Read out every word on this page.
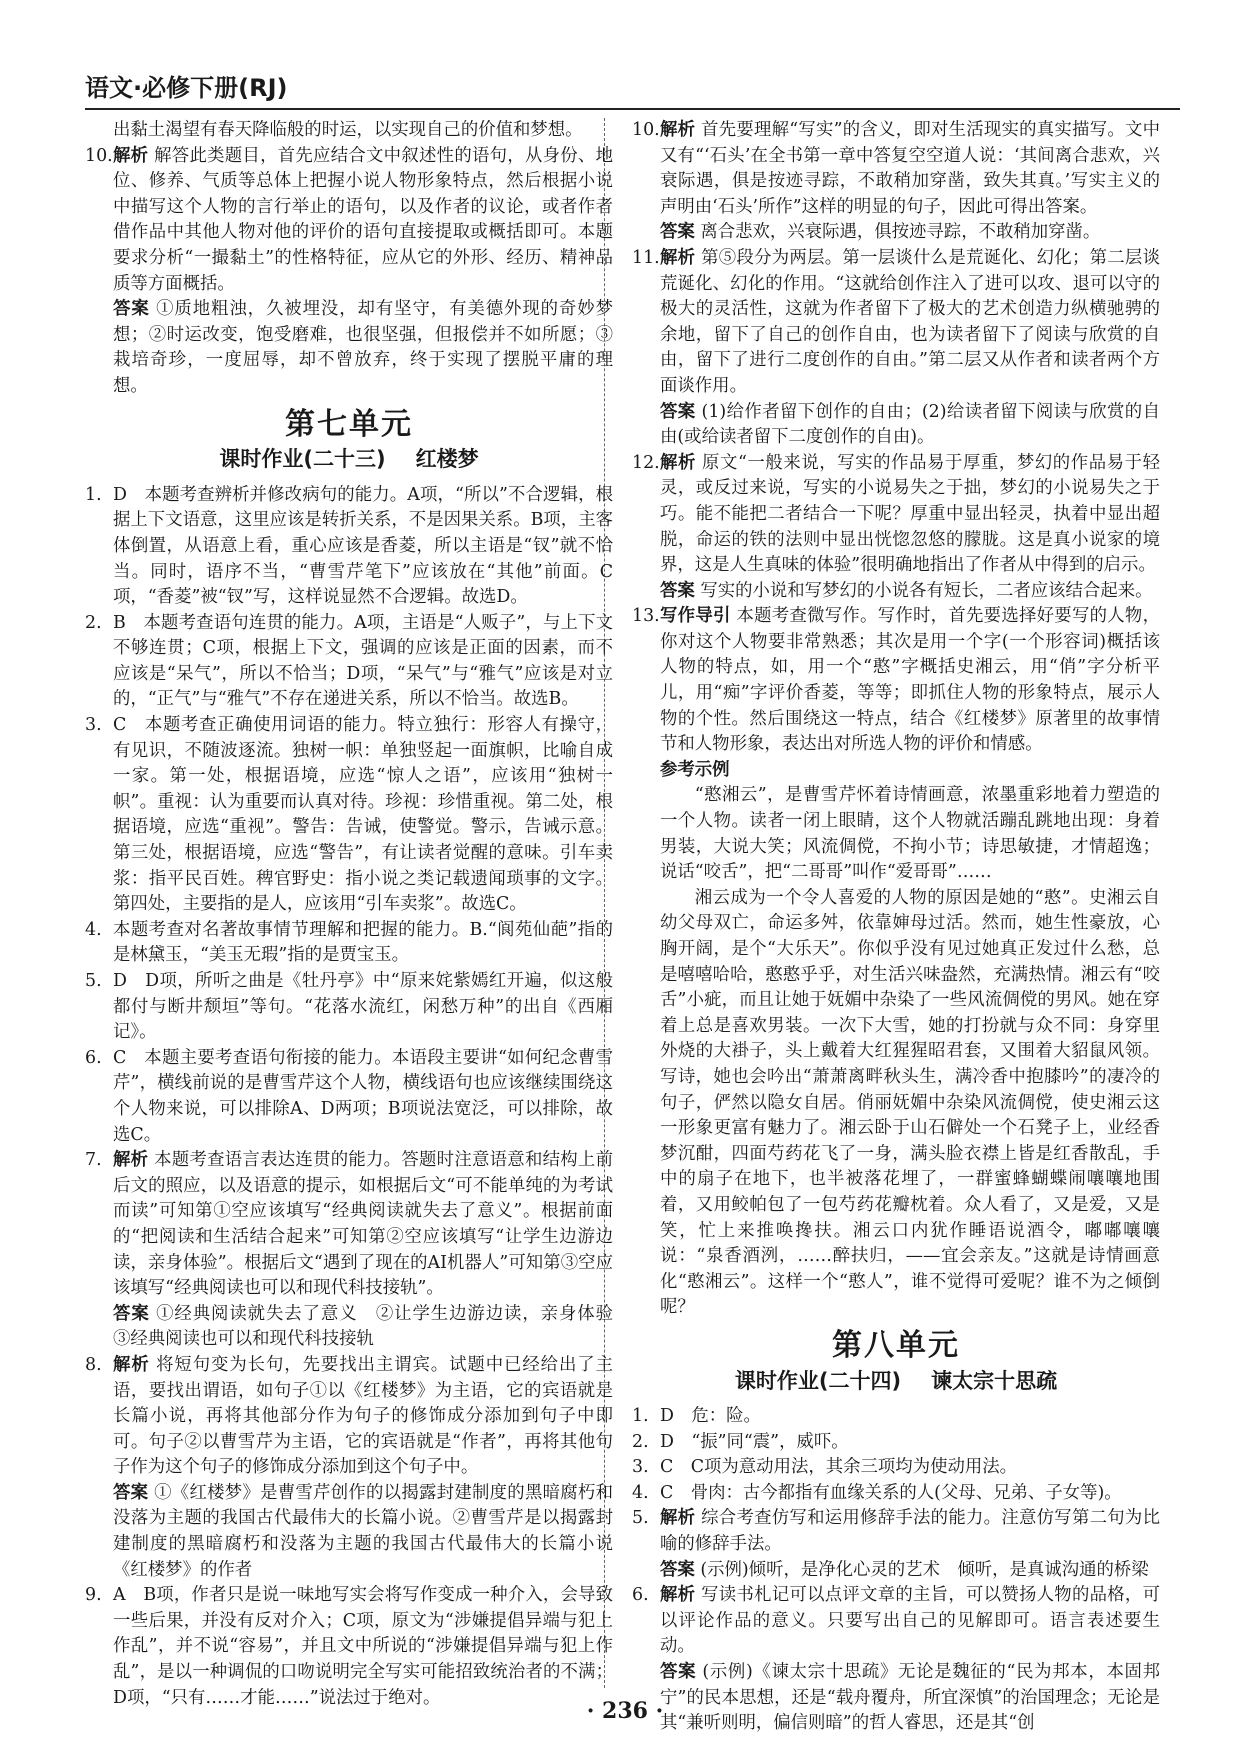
语文·必修下册(RJ)

出黏土渴望有春天降临般的时运，以实现自己的价值和梦想。

10. 解析 解答此类题目，首先应结合文中叙述性的语句，从身份、地位、修养、气质等总体上把握小说人物形象特点，然后根据小说中描写这个人物的言行举止的语句，以及作者的议论，或者作者借作品中其他人物对他的评价的语句直接提取或概括即可。本题要求分析“一撮黏土”的性格特征，应从它的外形、经历、精神品质等方面概括。

答案 ①质地粗浊，久被埋没，却有坚守，有美德外现的奇妙梦想；②时运改变，饱受磨难，也很坚强，但报偿并不如所愿；③栽培奇珍，一度屈辱，却不曾放弃，终于实现了摆脱平庸的理想。

第七单元
课时作业(二十三) 红楼梦

1. D　本题考查辨析并修改病句的能力。A项，“所以”不合逻辑，根据上下文语意，这里应该是转折关系，不是因果关系。B项，主客体倒置，从语意上看，重心应该是香菱，所以主语是“钗”就不恰当。同时，语序不当，“曹雪芹笔下”应该放在“其他”前面。C项，“香菱”被“钗”写，这样说显然不合逻辑。故选D。

2. B　本题考查语句连贯的能力。A项，主语是“人贩子”，与上下文不够连贯；C项，根据上下文，强调的应该是正面的因素，而不应该是“呆气”，所以不恰当；D项，“呆气”与“雅气”应该是对立的，“正气”与“雅气”不存在递进关系，所以不恰当。故选B。

3. C　本题考查正确使用词语的能力。特立独行：形容人有操守，有见识，不随波逐流。独树一帜：单独竖起一面旗帜，比喻自成一家。第一处，根据语境，应选“惊人之语”，应该用“独树一帜”。重视：认为重要而认真对待。珍视：珍惜重视。第二处，根据语境，应选“重视”。警告：告诫，使警觉。警示，告诫示意。第三处，根据语境，应选“警告”，有让读者觉醒的意味。引车卖浆：指平民百姓。稗官野史：指小说之类记载遗闻琐事的文字。第四处，主要指的是人，应该用“引车卖浆”。故选C。

4. 本题考查对名著故事情节理解和把握的能力。B.“阆苑仙葩”指的是林黛玉，“美玉无瑕”指的是贾宝玉。

5. D　D项，所听之曲是《牡丹亭》中“原来姹紫嫣红开遍，似这般都付与断井颓垣”等句。“花落水流红，闲愁万种”的出自《西厢记》。

6. C　本题主要考查语句衔接的能力。本语段主要讲“如何纪念曹雪芹”，横线前说的是曹雪芹这个人物，横线语句也应该继续围绕这个人物来说，可以排除A、D两项；B项说法宽泛，可以排除，故选C。

7. 解析 本题考查语言表达连贯的能力。答题时注意语意和结构上前后文的照应，以及语意的提示，如根据后文“可不能单纯的为考试而读”可知第①空应该填写“经典阅读就失去了意义”。根据前面的“把阅读和生活结合起来”可知第②空应该填写“让学生边游边读，亲身体验”。根据后文“遇到了现在的AI机器人”可知第③空应该填写“经典阅读也可以和现代科技接轨”。

答案 ①经典阅读就失去了意义　②让学生边游边读，亲身体验　③经典阅读也可以和现代科技接轨

8. 解析 将短句变为长句，先要找出主谓宾。试题中已经给出了主语，要找出谓语，如句子①以《红楼梦》为主语，它的宾语就是长篇小说，再将其他部分作为句子的修饰成分添加到句子中即可。句子②以曹雪芹为主语，它的宾语就是“作者”，再将其他句子作为这个句子的修饰成分添加到这个句子中。

答案 ①《红楼梦》是曹雪芹创作的以揭露封建制度的黑暗腐朽和没落为主题的我国古代最伟大的长篇小说。②曹雪芹是以揭露封建制度的黑暗腐朽和没落为主题的我国古代最伟大的长篇小说《红楼梦》的作者

9. A　B项，作者只是说一味地写实会将写作变成一种介入，会导致一些后果，并没有反对介入；C项，原文为“涉嫌提倡异端与犯上作乱”，并不说“容易”，并且文中所说的“涉嫌提倡异端与犯上作乱”，是以一种调侃的口吻说明完全写实可能招致统治者的不满；D项，“只有……才能……”说法过于绝对。

10. 解析 首先要理解“写实”的含义，即对生活现实的真实描写。文中又有“‘石头’在全书第一章中答复空空道人说：‘其间离合悲欢，兴衰际遇，俱是按迹寻踪，不敢稍加穿凿，致失其真。’写实主义的声明由‘石头’所作”这样的明显的句子，因此可得出答案。

答案 离合悲欢，兴衰际遇，俱按迹寻踪，不敢稍加穿凿。

11. 解析 第⑤段分为两层。第一层谈什么是荒诞化、幻化；第二层谈荒诞化、幻化的作用。“这就给创作注入了进可以攻、退可以守的极大的灵活性，这就为作者留下了极大的艺术创造力纵横驰骋的余地，留下了自己的创作自由，也为读者留下了阅读与欣赏的自由，留下了进行二度创作的自由。”第二层又从作者和读者两个方面谈作用。

答案 (1)给作者留下创作的自由；(2)给读者留下阅读与欣赏的自由(或给读者留下二度创作的自由)。

12. 解析 原文“一般来说，写实的作品易于厚重，梦幻的作品易于轻灵，或反过来说，写实的小说易失之于拙，梦幻的小说易失之于巧。能不能把二者结合一下呢？厚重中显出轻灵，执着中显出超脱，命运的铁的法则中显出恍惚忽悠的朦胧。这是真小说家的境界，这是人生真味的体验”很明确地指出了作者从中得到的启示。

答案 写实的小说和写梦幻的小说各有短长，二者应该结合起来。

13. 写作导引 本题考查微写作。写作时，首先要选择好要写的人物，你对这个人物要非常熟悉；其次是用一个字(一个形容词)概括该人物的特点，如，用一个“憨”字概括史湘云，用“俏”字分析平儿，用“痴”字评价香菱，等等；即抓住人物的形象特点，展示人物的个性。然后围绕这一特点，结合《红楼梦》原著里的故事情节和人物形象，表达出对所选人物的评价和情感。

参考示例

“憨湘云”，是曹雪芹怀着诗情画意，浓墨重彩地着力塑造的一个人物。读者一闭上眼睛，这个人物就活蹦乱跳地出现：身着男装，大说大笑；风流倜傥，不拘小节；诗思敏捷，才情超逸；说话“咬舌”，把“二哥哥”叫作“爱哥哥”……

湘云成为一个令人喜爱的人物的原因是她的“憨”。史湘云自幼父母双亡，命运多舛，依靠婶母过活。然而，她生性豪放，心胸开阔，是个“大乐天”。你似乎没有见过她真正发过什么愁，总是嘻嘻哈哈，憨憨乎乎，对生活兴味盎然，充满热情。湘云有“咬舌”小疵，而且让她于妩媚中杂染了一些风流倜傥的男风。她在穿着上总是喜欢男装。一次下大雪，她的打扮就与众不同：身穿里外烧的大褂子，头上戴着大红猩猩昭君套，又围着大貂鼠风领。写诗，她也会吟出“萧萧离畔秋头生，满冷香中抱膝吟”的凄冷的句子，俨然以隐女自居。俏丽妩媚中杂染风流倜傥，使史湘云这一形象更富有魅力了。湘云卧于山石僻处一个石凳子上，业经香梦沉酣，四面芍药花飞了一身，满头脸衣襟上皆是红香散乱，手中的扇子在地下，也半被落花埋了，一群蜜蜂蝴蝶闹嚷嚷地围着，又用鲛帕包了一包芍药花瓣枕着。众人看了，又是爱，又是笑，忙上来推唤搀扶。湘云口内犹作睡语说酒令，嘟嘟嚷嚷说：“泉香酒洌，……醉扶归，——宜会亲友。”这就是诗情画意化“憨湘云”。这样一个“憨人”，谁不觉得可爱呢？谁不为之倾倒呢？

第八单元
课时作业(二十四) 谏太宗十思疏

1. D　危：险。

2. D　“振”同“震”，威吓。

3. C　C项为意动用法，其余三项均为使动用法。

4. C　骨肉：古今都指有血缘关系的人(父母、兄弟、子女等)。

5. 解析 综合考查仿写和运用修辞手法的能力。注意仿写第二句为比喻的修辞手法。

答案 (示例)倾听，是净化心灵的艺术　倾听，是真诚沟通的桥梁

6. 解析 写读书札记可以点评文章的主旨，可以赞扬人物的品格，可以评论作品的意义。只要写出自己的见解即可。语言表述要生动。

答案 (示例)《谏太宗十思疏》无论是魏征的“民为邦本，本固邦宁”的民本思想，还是“载舟覆舟，所宜深慎”的治国理念；无论是其“兼听则明，偏信则暗”的哲人睿思，还是其“创

· 236 ·
